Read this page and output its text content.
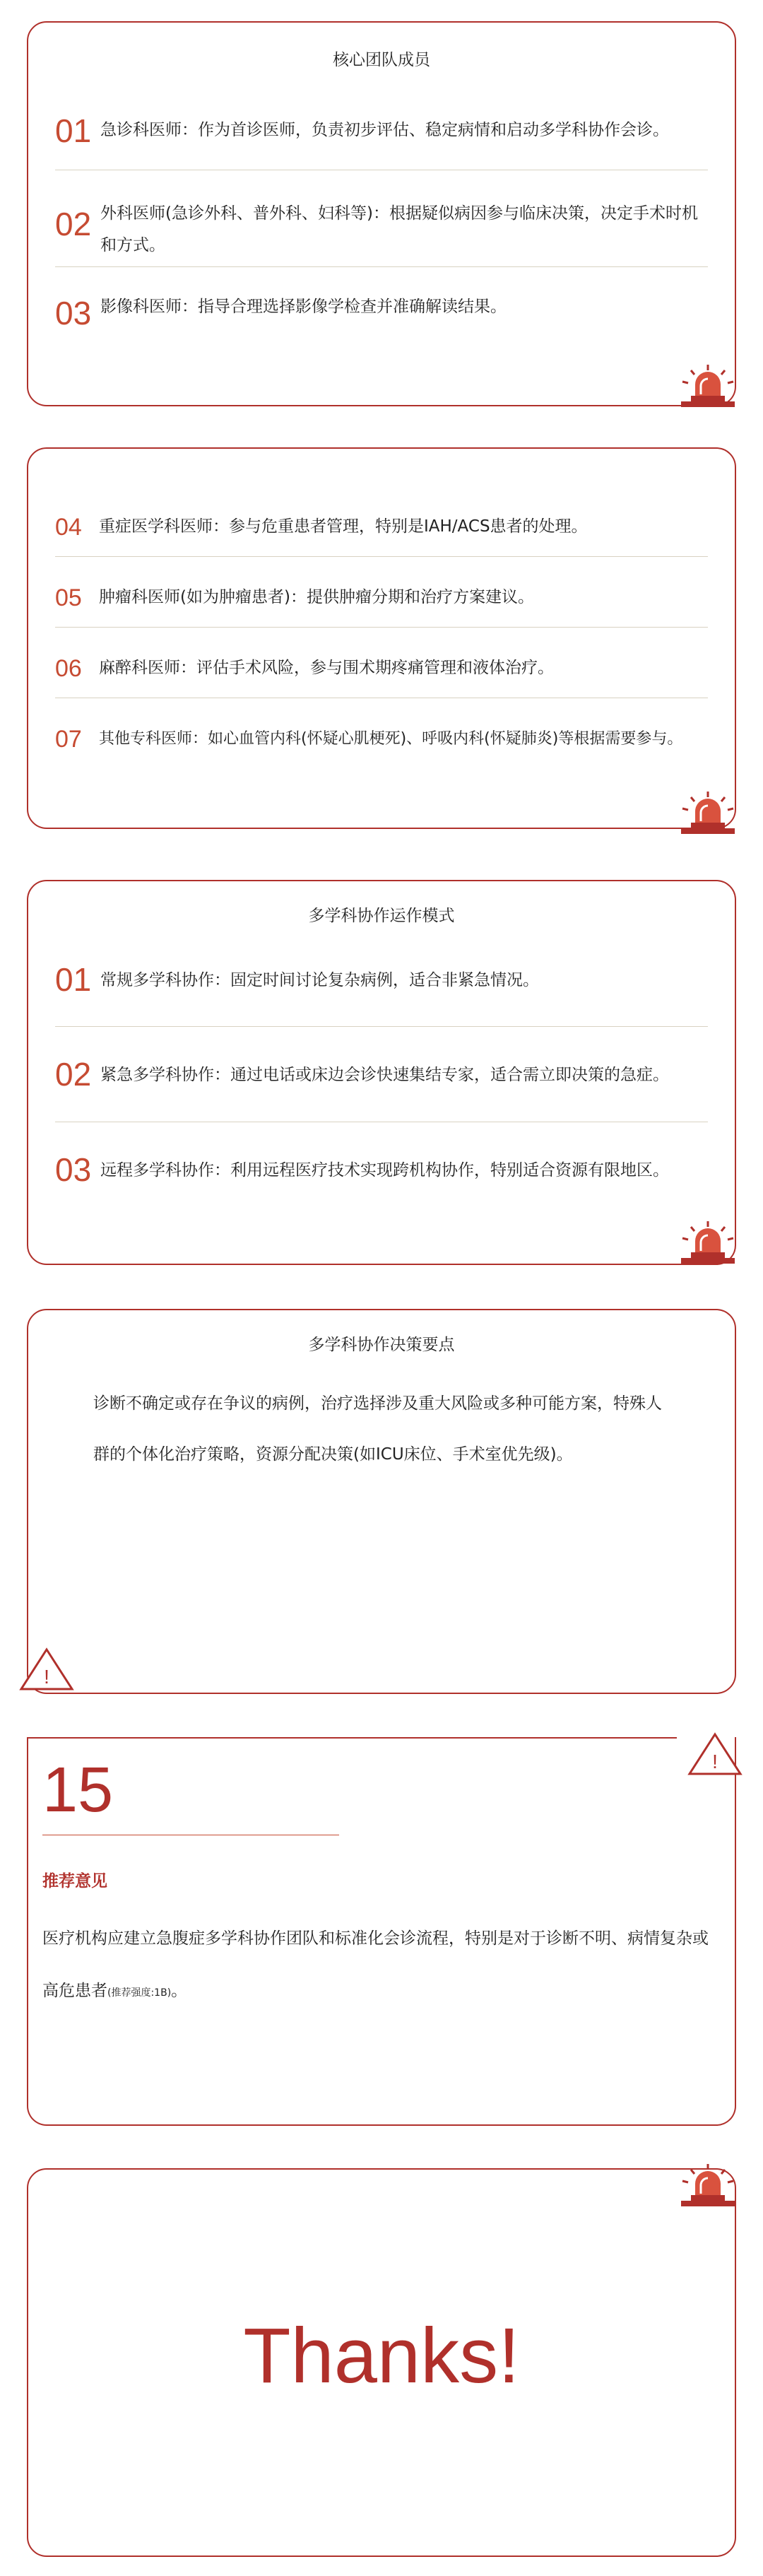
核心团队成员
01 急诊科医师：作为首诊医师，负责初步评估、稳定病情和启动多学科协作会诊。
02 外科医师(急诊外科、普外科、妇科等)：根据疑似病因参与临床决策，决定手术时机和方式。
03 影像科医师：指导合理选择影像学检查并准确解读结果。
04 重症医学科医师：参与危重患者管理，特别是IAH/ACS患者的处理。
05 肿瘤科医师(如为肿瘤患者)：提供肿瘤分期和治疗方案建议。
06 麻醉科医师：评估手术风险，参与围术期疼痛管理和液体治疗。
07 其他专科医师：如心血管内科(怀疑心肌梗死)、呼吸内科(怀疑肺炎)等根据需要参与。
多学科协作运作模式
01 常规多学科协作：固定时间讨论复杂病例，适合非紧急情况。
02 紧急多学科协作：通过电话或床边会诊快速集结专家，适合需立即决策的急症。
03 远程多学科协作：利用远程医疗技术实现跨机构协作，特别适合资源有限地区。
多学科协作决策要点
诊断不确定或存在争议的病例，治疗选择涉及重大风险或多种可能方案，特殊人群的个体化治疗策略，资源分配决策(如ICU床位、手术室优先级)。
!
15
推荐意见
医疗机构应建立急腹症多学科协作团队和标准化会诊流程，特别是对于诊断不明、病情复杂或高危患者(推荐强度:1B)。
!
Thanks!
